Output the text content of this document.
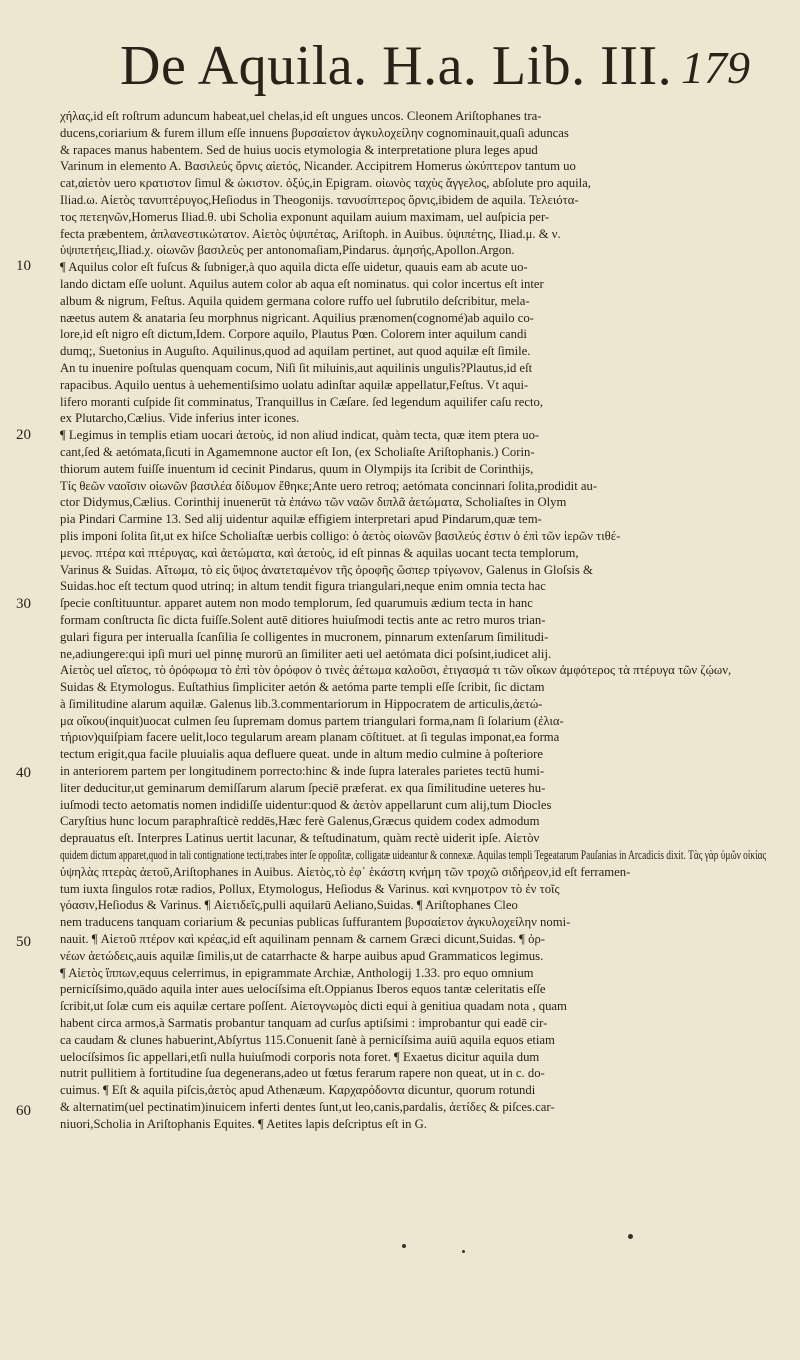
De Aquila. H.a. Lib. III. 179
10
20
30
40
50
60
χήλας,id eſt roſtrum aduncum habeat,uel chelas,id eſt ungues uncos. Cleonem Ariſtophanes tra-
ducens,coriarium & furem illum eſſe innuens βυρσαίετον ἀγκυλοχείλην cognominauit,quaſi aduncas
& rapaces manus habentem. Sed de huius uocis etymologia & interpretatione plura leges apud
Varinum in elemento A. Βασιλεύς ὄρνις αἰετός, Nicander. Accipitrem Homerus ὠκύπτερον tantum uo
cat,αἰετὸν uero κρατιστον ſimul & ὠκιστον. ὀξύς,in Epigram. οἰωνὸς ταχὺς ἄγγελος, abſolute pro aquila,
Iliad.ω. Αἰετὸς τανυπτέρυγος,Heſiodus in Theogonijs. τανυσίπτερος ὄρνις,ibidem de aquila. Τελειότα-
τος πετεηνῶν,Homerus Iliad.θ. ubi Scholia exponunt aquilam auium maximam, uel auſpicia per-
fecta præbentem, ἀπλανεστικώτατον. Αἰετὸς ὑψιπέτας, Ariſtoph. in Auibus. ὑψιπέτης, Iliad.μ. & ν.
ὑψιπετήεις,Iliad.χ. οἰωνῶν βασιλεὺς per antonomaſiam,Pindarus. ἀμησής,Apollon.Argon.
¶ Aquilus color eſt fuſcus & ſubniger,à quo aquila dicta eſſe uidetur, quauis eam ab acute uo-
lando dictam eſſe uolunt. Aquilus autem color ab aqua eſt nominatus. qui color incertus eſt inter
album & nigrum, Feſtus. Aquila quidem germana colore ruffo uel ſubrutilo deſcribitur, mela-
næetus autem & anataria ſeu morphnus nigricant. Aquilius prænomen(cognomé)ab aquilo co-
lore,id eſt nigro eſt dictum,Idem. Corpore aquilo, Plautus Pœn. Colorem inter aquilum candi
dumq;, Suetonius in Auguſto. Aquilinus,quod ad aquilam pertinet, aut quod aquilæ eſt ſimile.
An tu inuenire poſtulas quenquam cocum, Niſi ſit miluinis,aut aquilinis ungulis?Plautus,id eſt
rapacibus. Aquilo uentus à uehementiſsimo uolatu adinſtar aquilæ appellatur,Feſtus. Vt aqui-
lifero moranti cuſpide ſit comminatus, Tranquillus in Cæſare. ſed legendum aquilifer caſu recto,
ex Plutarcho,Cælius. Vide inferius inter icones.
¶ Legimus in templis etiam uocari ἀετοὺς, id non aliud indicat, quàm tecta, quæ item ptera uo-
cant,ſed & aetómata,ſicuti in Agamemnone auctor eſt Ion, (ex Scholiaſte Ariſtophanis.) Corin-
thiorum autem fuiſſe inuentum id cecinit Pindarus, quum in Olympijs ita ſcribit de Corinthijs,
Τίς θεῶν ναοῖσιν οἰωνῶν βασιλέα δίδυμον ἔθηκε;Ante uero retroq; aetómata concinnari ſolita,prodidit au-
ctor Didymus,Cælius. Corinthij inuenerūt τὰ ἐπάνω τῶν ναῶν διπλᾶ ἀετώματα, Scholiaſtes in Olym
pia Pindari Carmine 13. Sed alij uidentur aquilæ effigiem interpretari apud Pindarum,quæ tem-
plis imponi ſolita ſit,ut ex hiſce Scholiaſtæ uerbis colligo: ὁ ἀετὸς οἰωνῶν βασιλεύς ἐστιν ὁ ἐπὶ τῶν ἱερῶν τιθέ-
μενος. πτέρα καὶ πτέρυγας, καὶ ἀετώματα, καὶ ἀετοὺς, id eſt pinnas & aquilas uocant tecta templorum,
Varinus & Suidas. Αἴτωμα, τὸ εἰς ὕψος ἀνατεταμένον τῆς ὀροφῆς ὥσπερ τρίγωνον, Galenus in Gloſsis &
Suidas.hoc eſt tectum quod utrinq; in altum tendit figura triangulari,neque enim omnia tecta hac
ſpecie conſtituuntur. apparet autem non modo templorum, ſed quarumuis ædium tecta in hanc
formam conſtructa ſic dicta fuiſſe.Solent autē ditiores huiuſmodi tectis ante ac retro muros trian-
gulari figura per interualla ſcanſilia ſe colligentes in mucronem, pinnarum extenſarum ſimilitudi-
ne,adiungere:qui ipſi muri uel pinnę murorū an ſimiliter aeti uel aetómata dici poſsint,iudicet alij.
Αἰετὸς uel αἴετος, τὸ ὀρόφωμα τὸ ἐπὶ τὸν ὀρόφον ὁ τινὲς ἀέτωμα καλοῦσι, ἐτιγασμά τι τῶν οἴκων ἀμφότερος τὰ πτέρυγα τῶν ζῴων,
Suidas & Etymologus. Euſtathius ſimpliciter aetón & aetóma parte templi eſſe ſcribit, ſic dictam
à ſimilitudine alarum aquilæ. Galenus lib.3.commentariorum in Hippocratem de articulis,ἀετώ-
μα οἴκου(inquit)uocat culmen ſeu ſupremam domus partem triangulari forma,nam ſi ſolarium (ἐλια-
τήριον)quiſpiam facere uelit,loco tegularum aream planam cōſtituet. at ſi tegulas imponat,ea forma
tectum erigit,qua facile pluuialis aqua defluere queat. unde in altum medio culmine à poſteriore
in anteriorem partem per longitudinem porrecto:hinc & inde ſupra laterales parietes tectū humi-
liter deducitur,ut geminarum demiſſarum alarum ſpeciē præferat. ex qua ſimilitudine ueteres hu-
iuſmodi tecto aetomatis nomen indidiſſe uidentur:quod & ἀετὸν appellarunt cum alij,tum Diocles
Caryſtius hunc locum paraphraſticè reddēs,Hæc ferè Galenus,Græcus quidem codex admodum
deprauatus eſt. Interpres Latinus uertit lacunar, & teſtudinatum, quàm rectè uiderit ipſe. Αἰετὸν
quidem dictum apparet,quod in tali contignatione tecti,trabes inter ſe oppoſitæ, colligatæ uideantur & connexæ. Aquilas templi Tegeatarum Pauſanias in Arcadicis dixit. Τὰς γὰρ ὑμῶν οἰκίας
ὑψηλὰς πτερὰς ἀετοῦ,Ariſtophanes in Auibus. Αἰετὸς,τὸ ἐφ᾽ ἑκάστη κνήμη τῶν τροχῶ σιδήρεον,id eſt ferramen-
tum iuxta ſingulos rotæ radios, Pollux, Etymologus, Heſiodus & Varinus. καὶ κνημοτρον τὸ ἐν τοῖς
γόασιν,Heſiodus & Varinus. ¶ Αἰετιδεῖς,pulli aquilarū Aeliano,Suidas. ¶ Ariſtophanes Cleo
nem traducens tanquam coriarium & pecunias publicas ſuffurantem βυρσαίετον ἀγκυλοχείλην nomi-
nauit. ¶ Αἰετοῦ πτέρον καὶ κρέας,id eſt aquilinam pennam & carnem Græci dicunt,Suidas. ¶ ὀρ-
νέων ἀετώδεις,auis aquilæ ſimilis,ut de catarrhacte & harpe auibus apud Grammaticos legimus.
¶ Αἰετὸς ἵππων,equus celerrimus, in epigrammate Archiæ, Anthologij 1.33. pro equo omnium
pernicíſsimo,quādo aquila inter aues uelocíſsima eſt.Oppianus Iberos equos tantæ celeritatis eſſe
ſcribit,ut ſolæ cum eis aquilæ certare poſſent. Αἰετογνωμὸς dicti equi à genitiua quadam nota , quam
habent circa armos,à Sarmatis probantur tanquam ad curſus aptiſsimi : improbantur qui eadē cir-
ca caudam & clunes habuerint,Abſyrtus 115.Conuenit ſanè à pernicíſsima auiū aquila equos etiam
uelocíſsimos ſic appellari,etſi nulla huiuſmodi corporis nota foret. ¶ Exaetus dicitur aquila dum
nutrit pullitiem à fortitudine ſua degenerans,adeo ut fœtus ferarum rapere non queat, ut in c. do-
cuimus. ¶ Eſt & aquila piſcis,ἀετὸς apud Athenæum. Καρχαρόδοντα dicuntur, quorum rotundi
& alternatim(uel pectinatim)inuicem inferti dentes ſunt,ut leo,canis,pardalis, ἀετίδες & piſces.car-
niuori,Scholia in Ariſtophanis Equites. ¶ Aetites lapis deſcriptus eſt in G.
